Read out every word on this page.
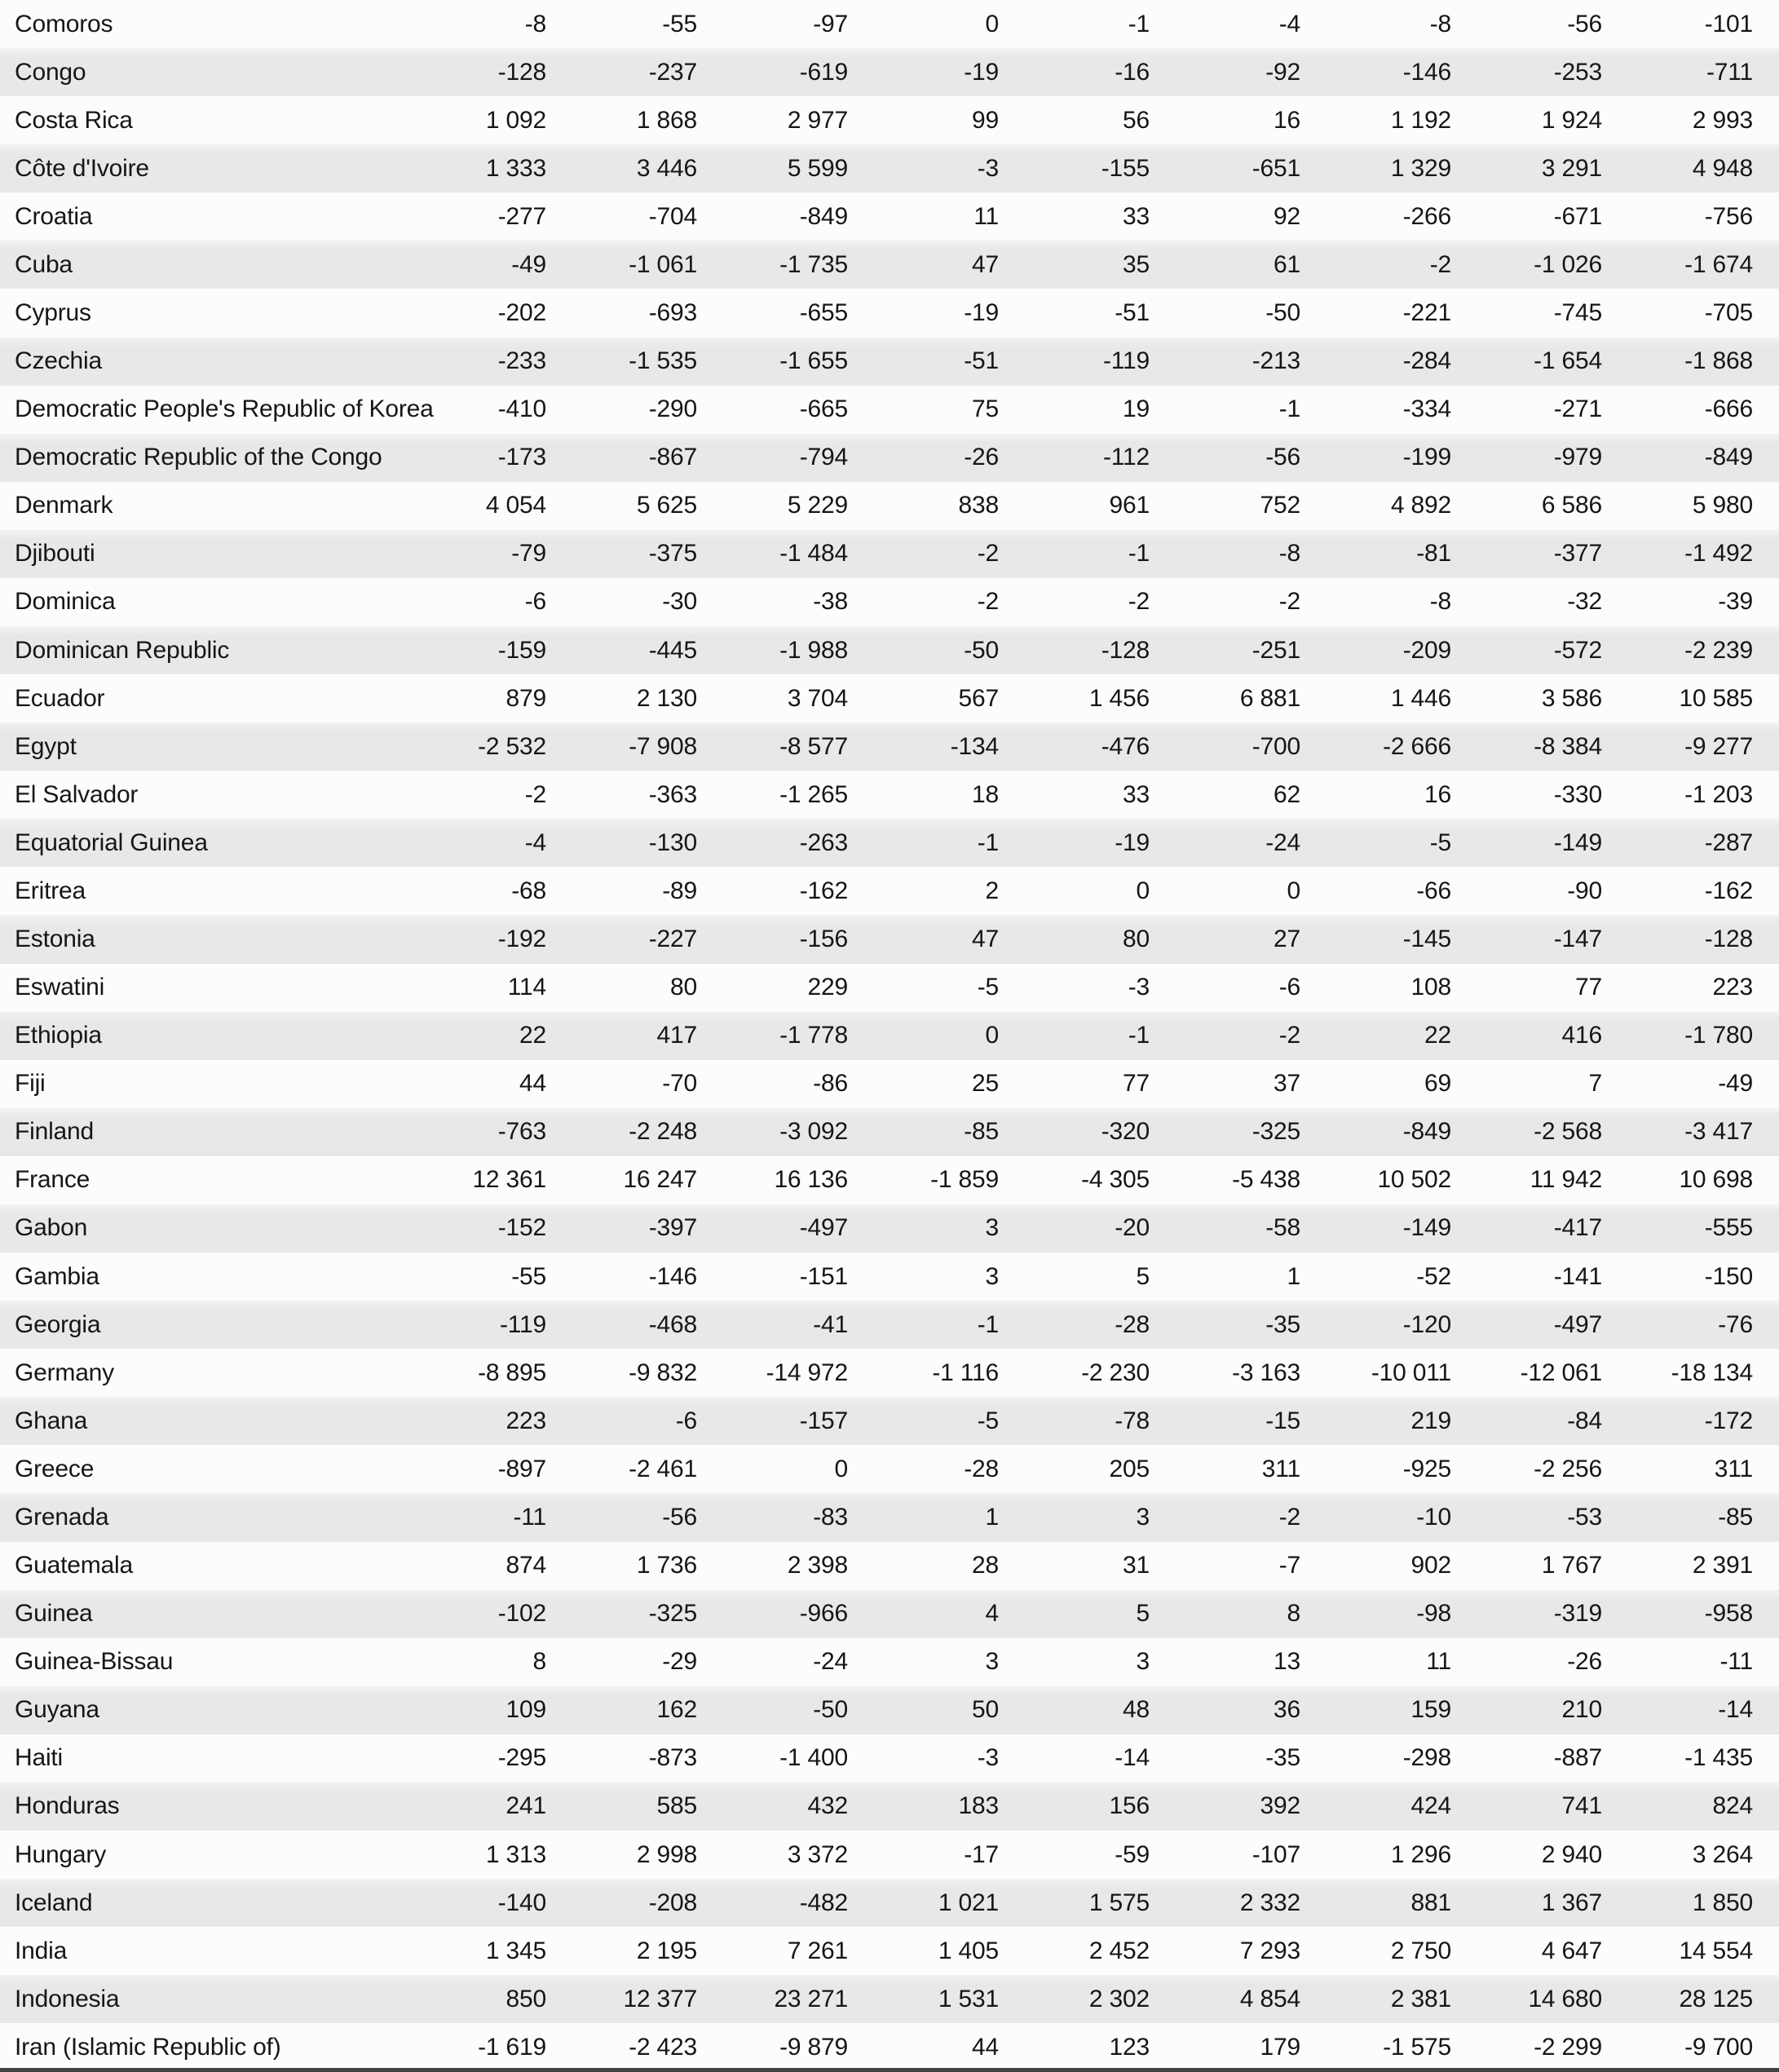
Comoros	-8	-55	-97	0	-1	-4	-8	-56	-101
Congo	-128	-237	-619	-19	-16	-92	-146	-253	-711
Costa Rica	1 092	1 868	2 977	99	56	16	1 192	1 924	2 993
Côte d'Ivoire	1 333	3 446	5 599	-3	-155	-651	1 329	3 291	4 948
Croatia	-277	-704	-849	11	33	92	-266	-671	-756
Cuba	-49	-1 061	-1 735	47	35	61	-2	-1 026	-1 674
Cyprus	-202	-693	-655	-19	-51	-50	-221	-745	-705
Czechia	-233	-1 535	-1 655	-51	-119	-213	-284	-1 654	-1 868
Democratic People's Republic of Korea	-410	-290	-665	75	19	-1	-334	-271	-666
Democratic Republic of the Congo	-173	-867	-794	-26	-112	-56	-199	-979	-849
Denmark	4 054	5 625	5 229	838	961	752	4 892	6 586	5 980
Djibouti	-79	-375	-1 484	-2	-1	-8	-81	-377	-1 492
Dominica	-6	-30	-38	-2	-2	-2	-8	-32	-39
Dominican Republic	-159	-445	-1 988	-50	-128	-251	-209	-572	-2 239
Ecuador	879	2 130	3 704	567	1 456	6 881	1 446	3 586	10 585
Egypt	-2 532	-7 908	-8 577	-134	-476	-700	-2 666	-8 384	-9 277
El Salvador	-2	-363	-1 265	18	33	62	16	-330	-1 203
Equatorial Guinea	-4	-130	-263	-1	-19	-24	-5	-149	-287
Eritrea	-68	-89	-162	2	0	0	-66	-90	-162
Estonia	-192	-227	-156	47	80	27	-145	-147	-128
Eswatini	114	80	229	-5	-3	-6	108	77	223
Ethiopia	22	417	-1 778	0	-1	-2	22	416	-1 780
Fiji	44	-70	-86	25	77	37	69	7	-49
Finland	-763	-2 248	-3 092	-85	-320	-325	-849	-2 568	-3 417
France	12 361	16 247	16 136	-1 859	-4 305	-5 438	10 502	11 942	10 698
Gabon	-152	-397	-497	3	-20	-58	-149	-417	-555
Gambia	-55	-146	-151	3	5	1	-52	-141	-150
Georgia	-119	-468	-41	-1	-28	-35	-120	-497	-76
Germany	-8 895	-9 832	-14 972	-1 116	-2 230	-3 163	-10 011	-12 061	-18 134
Ghana	223	-6	-157	-5	-78	-15	219	-84	-172
Greece	-897	-2 461	0	-28	205	311	-925	-2 256	311
Grenada	-11	-56	-83	1	3	-2	-10	-53	-85
Guatemala	874	1 736	2 398	28	31	-7	902	1 767	2 391
Guinea	-102	-325	-966	4	5	8	-98	-319	-958
Guinea-Bissau	8	-29	-24	3	3	13	11	-26	-11
Guyana	109	162	-50	50	48	36	159	210	-14
Haiti	-295	-873	-1 400	-3	-14	-35	-298	-887	-1 435
Honduras	241	585	432	183	156	392	424	741	824
Hungary	1 313	2 998	3 372	-17	-59	-107	1 296	2 940	3 264
Iceland	-140	-208	-482	1 021	1 575	2 332	881	1 367	1 850
India	1 345	2 195	7 261	1 405	2 452	7 293	2 750	4 647	14 554
Indonesia	850	12 377	23 271	1 531	2 302	4 854	2 381	14 680	28 125
Iran (Islamic Republic of)	-1 619	-2 423	-9 879	44	123	179	-1 575	-2 299	-9 700
